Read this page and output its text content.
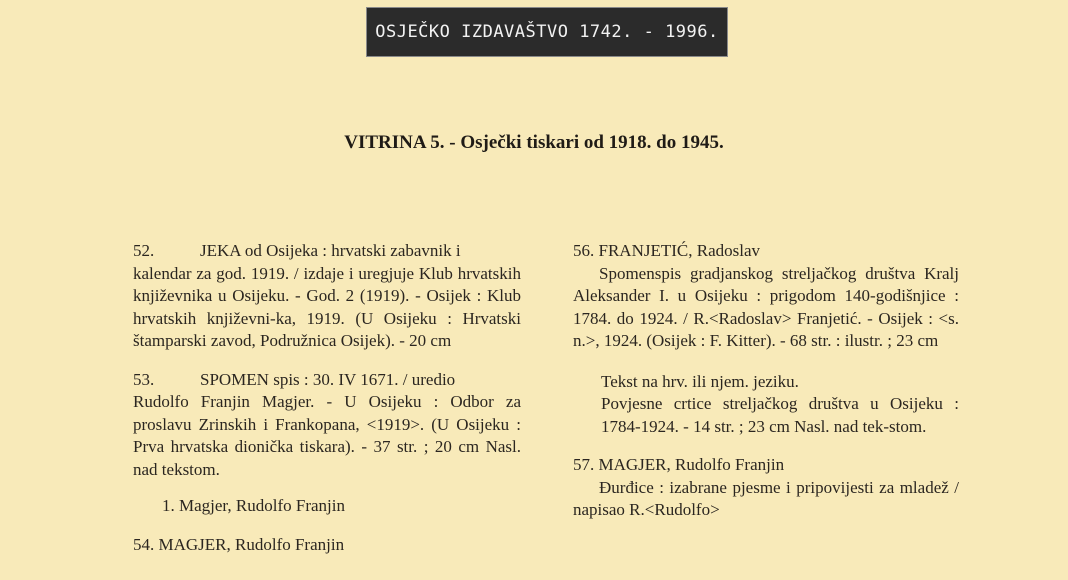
OSJEČKO IZDAVAŠTVO 1742. - 1996.
VITRINA 5. - Osječki tiskari od 1918. do 1945.
52.	JEKA od Osijeka : hrvatski zabavnik i
kalendar za god. 1919. / izdaje i uregjuje Klub hrvatskih književnika u Osijeku. - God. 2 (1919). - Osijek : Klub hrvatskih književni-ka, 1919. (U Osijeku : Hrvatski štamparski zavod, Podružnica Osijek). - 20 cm
53.	SPOMEN spis : 30. IV 1671. / uredio
Rudolfo Franjin Magjer. - U Osijeku : Odbor za proslavu Zrinskih i Frankopana, <1919>. (U Osijeku : Prva hrvatska dionička tiskara). - 37 str. ; 20 cm Nasl. nad tekstom.
1. Magjer, Rudolfo Franjin
54. MAGJER, Rudolfo Franjin
56. FRANJETIĆ, Radoslav
Spomenspis gradjanskog streljačkog društva Kralj Aleksander I. u Osijeku : prigodom 140-godišnjice : 1784. do 1924. / R.<Radoslav> Franjetić. - Osijek : <s. n.>, 1924. (Osijek : F. Kitter). - 68 str. : ilustr. ; 23 cm
Tekst na hrv. ili njem. jeziku.
Povjesne crtice streljačkog društva u Osijeku : 1784-1924. - 14 str. ; 23 cm Nasl. nad tek-stom.
57. MAGJER, Rudolfo Franjin
Đurđice : izabrane pjesme i pripovijesti za mladež / napisao R.<Rudolfo>
